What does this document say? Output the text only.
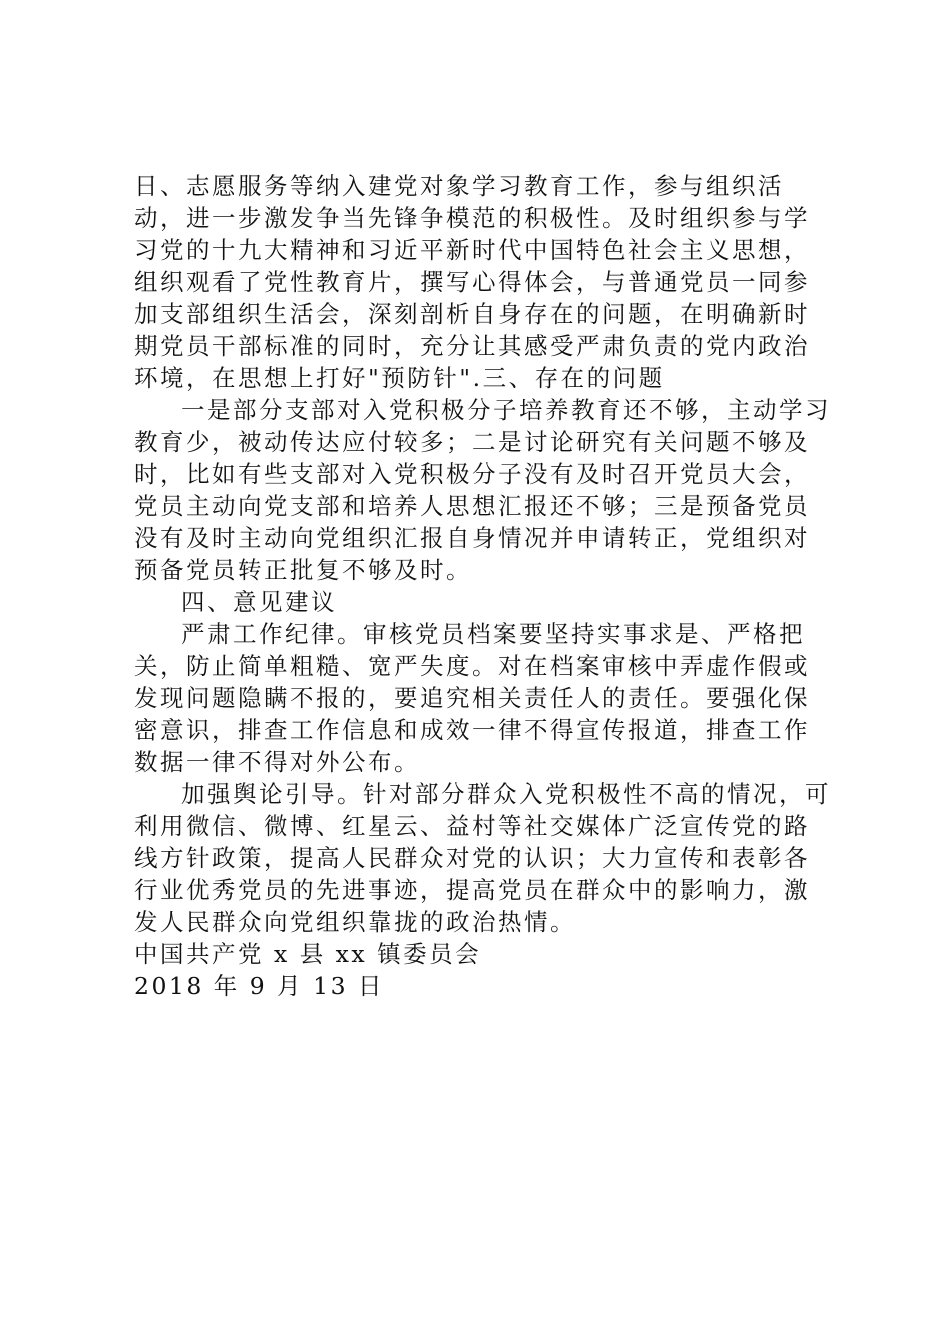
日、志愿服务等纳入建党对象学习教育工作，参与组织活动，进一步激发争当先锋争模范的积极性。及时组织参与学习党的十九大精神和习近平新时代中国特色社会主义思想，组织观看了党性教育片，撰写心得体会，与普通党员一同参加支部组织生活会，深刻剖析自身存在的问题，在明确新时期党员干部标准的同时，充分让其感受严肃负责的党内政治环境，在思想上打好"预防针".三、存在的问题

一是部分支部对入党积极分子培养教育还不够，主动学习教育少，被动传达应付较多；二是讨论研究有关问题不够及时，比如有些支部对入党积极分子没有及时召开党员大会，党员主动向党支部和培养人思想汇报还不够；三是预备党员没有及时主动向党组织汇报自身情况并申请转正，党组织对预备党员转正批复不够及时。

四、意见建议

严肃工作纪律。审核党员档案要坚持实事求是、严格把关，防止简单粗糙、宽严失度。对在档案审核中弄虚作假或发现问题隐瞒不报的，要追究相关责任人的责任。要强化保密意识，排查工作信息和成效一律不得宣传报道，排查工作数据一律不得对外公布。

加强舆论引导。针对部分群众入党积极性不高的情况，可利用微信、微博、红星云、益村等社交媒体广泛宣传党的路线方针政策，提高人民群众对党的认识；大力宣传和表彰各行业优秀党员的先进事迹，提高党员在群众中的影响力，激发人民群众向党组织靠拢的政治热情。

中国共产党 x 县 xx 镇委员会

2018 年 9 月 13 日
